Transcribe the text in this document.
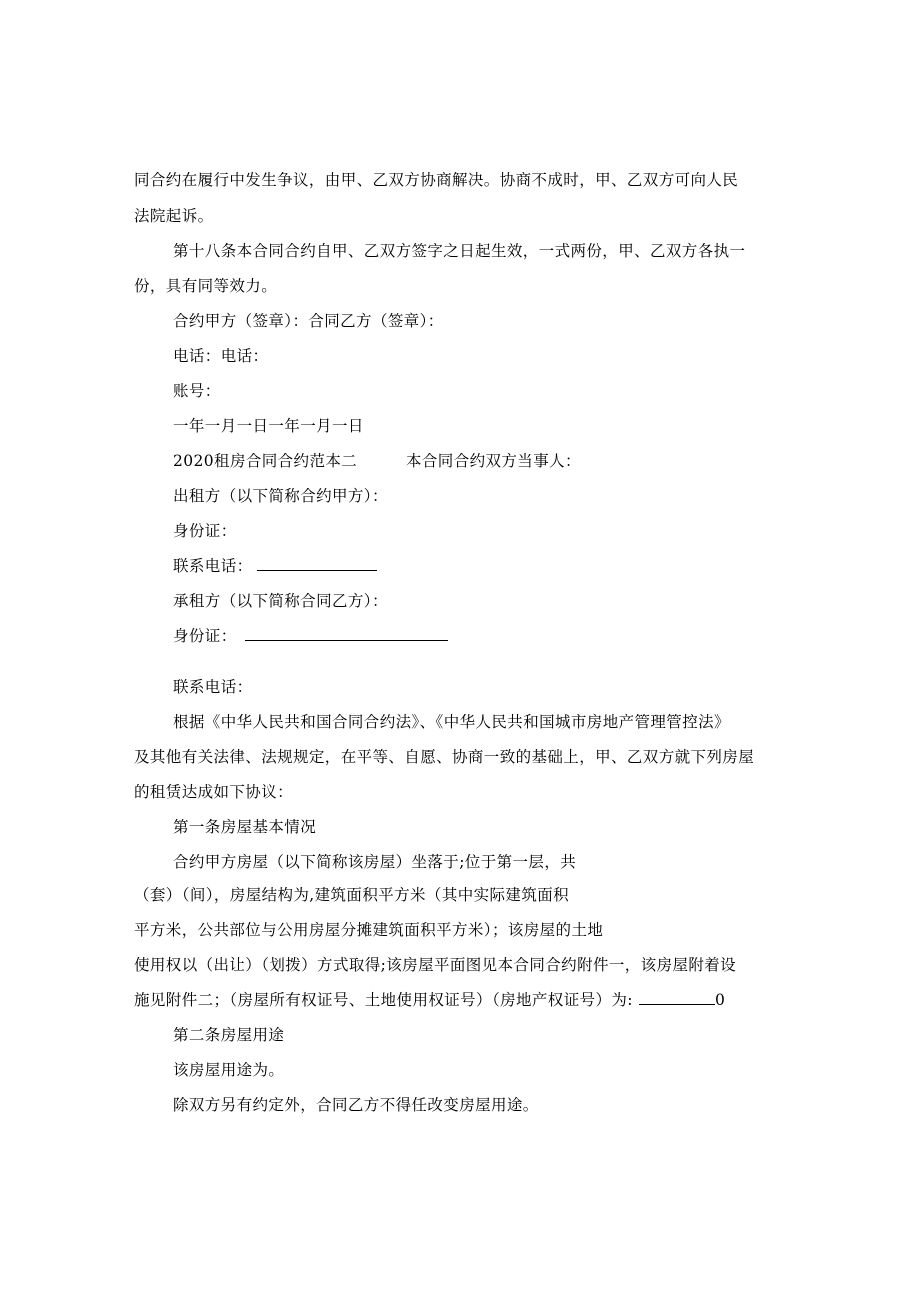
同合约在履行中发生争议，由甲、乙双方协商解决。协商不成时，甲、乙双方可向人民
法院起诉。
第十八条本合同合约自甲、乙双方签字之日起生效，一式两份，甲、乙双方各执一
份，具有同等效力。
合约甲方（签章）：合同乙方（签章）：
电话：电话：
账号：
一年一月一日一年一月一日
2020租房合同合约范本二	本合同合约双方当事人：
出租方（以下简称合约甲方）：
身份证：
联系电话：
承租方（以下简称合同乙方）：
身份证：
联系电话：
根据《中华人民共和国合同合约法》、《中华人民共和国城市房地产管理管控法》
及其他有关法律、法规规定，在平等、自愿、协商一致的基础上，甲、乙双方就下列房屋
的租赁达成如下协议：
第一条房屋基本情况
合约甲方房屋（以下简称该房屋）坐落于;位于第一层，共
（套）（间），房屋结构为,建筑面积平方米（其中实际建筑面积
平方米，公共部位与公用房屋分摊建筑面积平方米）；该房屋的土地
使用权以（出让）（划拨）方式取得;该房屋平面图见本合同合约附件一，该房屋附着设
施见附件二；（房屋所有权证号、土地使用权证号）（房地产权证号）为:	0
第二条房屋用途
该房屋用途为。
除双方另有约定外，合同乙方不得任改变房屋用途。
